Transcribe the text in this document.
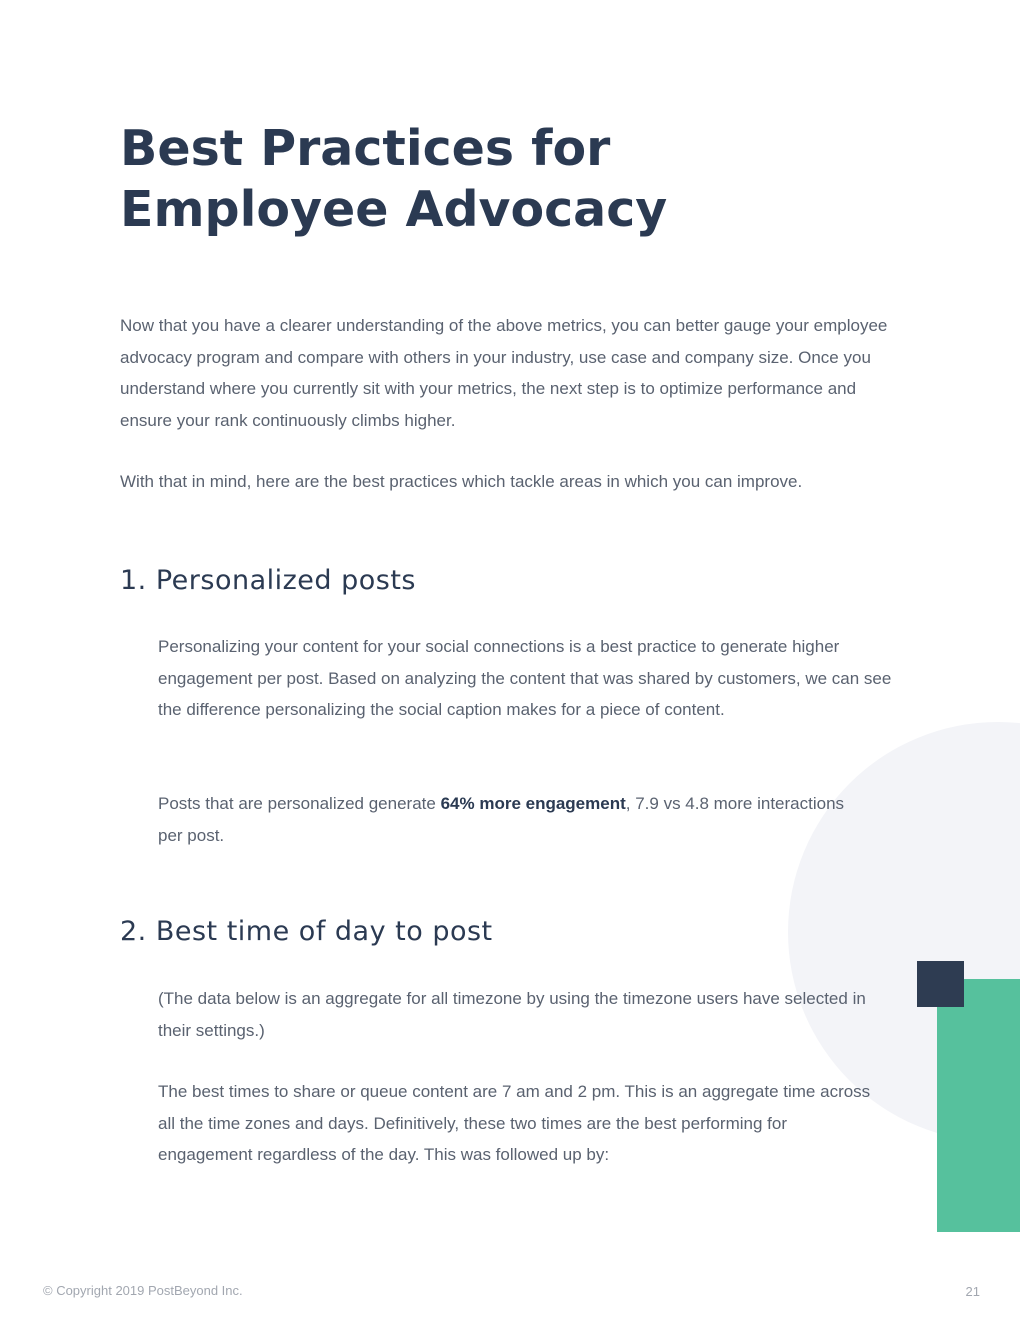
Best Practices for
Employee Advocacy

Now that you have a clearer understanding of the above metrics, you can better gauge your employee advocacy program and compare with others in your industry, use case and company size. Once you understand where you currently sit with your metrics, the next step is to optimize performance and ensure your rank continuously climbs higher.

With that in mind, here are the best practices which tackle areas in which you can improve.

1. Personalized posts

Personalizing your content for your social connections is a best practice to generate higher engagement per post. Based on analyzing the content that was shared by customers, we can see the difference personalizing the social caption makes for a piece of content.

Posts that are personalized generate 64% more engagement, 7.9 vs 4.8 more interactions per post.

2. Best time of day to post

(The data below is an aggregate for all timezone by using the timezone users have selected in their settings.)

The best times to share or queue content are 7 am and 2 pm. This is an aggregate time across all the time zones and days. Definitively, these two times are the best performing for engagement regardless of the day. This was followed up by:

© Copyright 2019 PostBeyond Inc.	21
